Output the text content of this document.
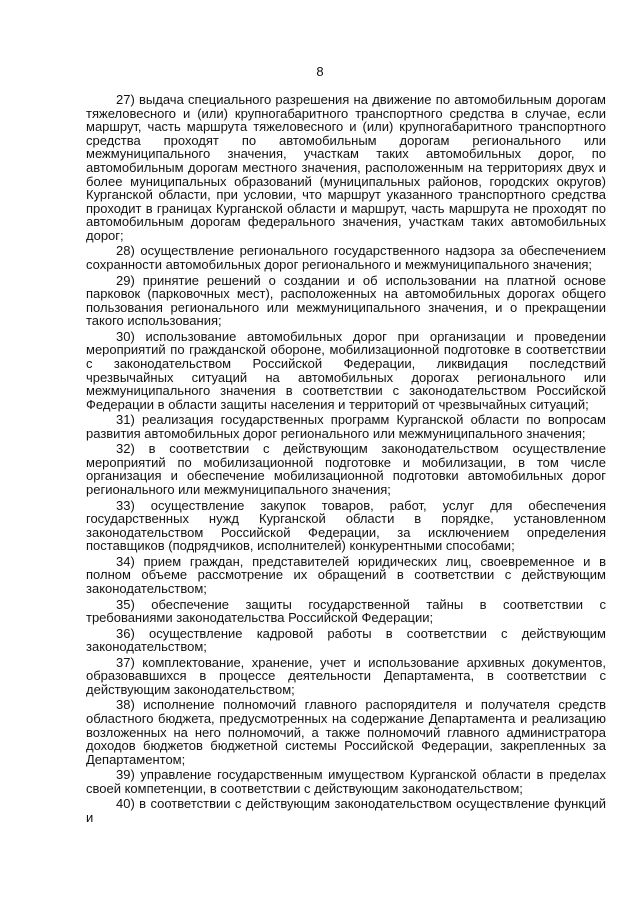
8

27) выдача специального разрешения на движение по автомобильным дорогам тяжеловесного и (или) крупногабаритного транспортного средства в случае, если маршрут, часть маршрута тяжеловесного и (или) крупногабаритного транспортного средства проходят по автомобильным дорогам регионального или межмуниципального значения, участкам таких автомобильных дорог, по автомобильным дорогам местного значения, расположенным на территориях двух и более муниципальных образований (муниципальных районов, городских округов) Курганской области, при условии, что маршрут указанного транспортного средства проходит в границах Курганской области и маршрут, часть маршрута не проходят по автомобильным дорогам федерального значения, участкам таких автомобильных дорог;

28) осуществление регионального государственного надзора за обеспечением сохранности автомобильных дорог регионального и межмуниципального значения;

29) принятие решений о создании и об использовании на платной основе парковок (парковочных мест), расположенных на автомобильных дорогах общего пользования регионального или межмуниципального значения, и о прекращении такого использования;

30) использование автомобильных дорог при организации и проведении мероприятий по гражданской обороне, мобилизационной подготовке в соответствии с законодательством Российской Федерации, ликвидация последствий чрезвычайных ситуаций на автомобильных дорогах регионального или межмуниципального значения в соответствии с законодательством Российской Федерации в области защиты населения и территорий от чрезвычайных ситуаций;

31) реализация государственных программ Курганской области по вопросам развития автомобильных дорог регионального или межмуниципального значения;

32) в соответствии с действующим законодательством осуществление мероприятий по мобилизационной подготовке и мобилизации, в том числе организация и обеспечение мобилизационной подготовки автомобильных дорог регионального или межмуниципального значения;

33) осуществление закупок товаров, работ, услуг для обеспечения государственных нужд Курганской области в порядке, установленном законодательством Российской Федерации, за исключением определения поставщиков (подрядчиков, исполнителей) конкурентными способами;

34) прием граждан, представителей юридических лиц, своевременное и в полном объеме рассмотрение их обращений в соответствии с действующим законодательством;

35) обеспечение защиты государственной тайны в соответствии с требованиями законодательства Российской Федерации;

36) осуществление кадровой работы в соответствии с действующим законодательством;

37) комплектование, хранение, учет и использование архивных документов, образовавшихся в процессе деятельности Департамента, в соответствии с действующим законодательством;

38) исполнение полномочий главного распорядителя и получателя средств областного бюджета, предусмотренных на содержание Департамента и реализацию возложенных на него полномочий, а также полномочий главного администратора доходов бюджетов бюджетной системы Российской Федерации, закрепленных за Департаментом;

39) управление государственным имуществом Курганской области в пределах своей компетенции, в соответствии с действующим законодательством;

40) в соответствии с действующим законодательством осуществление функций и
